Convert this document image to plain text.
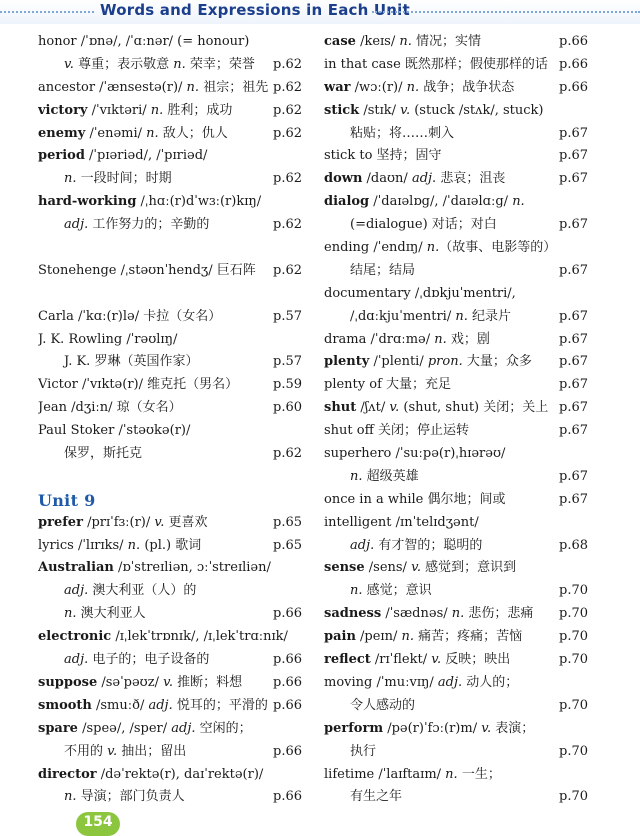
Words and Expressions in Each Unit
honor /ˈɒnə/, /ˈɑːnər/ (= honour)
v. 尊重；表示敬意 n. 荣幸；荣誉 p.62
ancestor /ˈænsestə(r)/ n. 祖宗；祖先 p.62
victory /ˈvɪktəri/ n. 胜利；成功	p.62
enemy /ˈenəmi/ n. 敌人；仇人	p.62
period /ˈpɪəriəd/, /ˈpɪriəd/
n. 一段时间；时期	p.62
hard-working /ˌhɑː(r)dˈwɜː(r)kɪŋ/
adj. 工作努力的；辛勤的	p.62
Stonehenge /ˌstəʊnˈhendʒ/ 巨石阵 p.62
Carla /ˈkɑː(r)lə/ 卡拉（女名）	p.57
J. K. Rowling /ˈrəʊlɪŋ/
J. K. 罗琳（英国作家）	p.57
Victor /ˈvɪktə(r)/ 维克托（男名）	p.59
Jean /dʒiːn/ 琼（女名）	p.60
Paul Stoker /ˈstəʊkə(r)/
保罗，斯托克	p.62
Unit 9
prefer /prɪˈfɜː(r)/ v. 更喜欢	p.65
lyrics /ˈlɪrɪks/ n. (pl.) 歌词	p.65
Australian /ɒˈstreɪliən, ɔːˈstreɪliən/
adj. 澳大利亚（人）的
n. 澳大利亚人	p.66
electronic /ɪˌlekˈtrɒnɪk/, /ɪˌlekˈtrɑːnɪk/
adj. 电子的；电子设备的	p.66
suppose /səˈpəʊz/ v. 推断；料想 p.66
smooth /smuːð/ adj. 悦耳的；平滑的 p.66
spare /speə/, /sper/ adj. 空闲的；
不用的 v. 抽出；留出	p.66
director /dəˈrektə(r), daɪˈrektə(r)/
n. 导演；部门负责人	p.66
case /keɪs/ n. 情况；实情	p.66
in that case 既然那样；假使那样的话 p.66
war /wɔː(r)/ n. 战争；战争状态	p.66
stick /stɪk/ v. (stuck /stʌk/, stuck)
粘贴；将……刺入	p.67
stick to 坚持；固守	p.67
down /daʊn/ adj. 悲哀；沮丧	p.67
dialog /ˈdaɪəlɒg/, /ˈdaɪəlɑːg/ n.
(=dialogue) 对话；对白	p.67
ending /ˈendɪŋ/ n.（故事、电影等的）
结尾；结局	p.67
documentary /ˌdɒkjuˈmentri/,
/ˌdɑːkjuˈmentri/ n. 纪录片	p.67
drama /ˈdrɑːmə/ n. 戏；剧	p.67
plenty /ˈplenti/ pron. 大量；众多 p.67
plenty of 大量；充足	p.67
shut /ʃʌt/ v. (shut, shut) 关闭；关上 p.67
shut off 关闭；停止运转	p.67
superhero /ˈsuːpə(r)ˌhɪərəʊ/
n. 超级英雄	p.67
once in a while 偶尔地；间或	p.67
intelligent /ɪnˈtelɪdʒənt/
adj. 有才智的；聪明的	p.68
sense /sens/ v. 感觉到；意识到
n. 感觉；意识	p.70
sadness /ˈsædnəs/ n. 悲伤；悲痛 p.70
pain /peɪn/ n. 痛苦；疼痛；苦恼	p.70
reflect /rɪˈflekt/ v. 反映；映出	p.70
moving /ˈmuːvɪŋ/ adj. 动人的；
令人感动的	p.70
perform /pə(r)ˈfɔː(r)m/ v. 表演；
执行	p.70
lifetime /ˈlaɪftaɪm/ n. 一生；
有生之年	p.70
154
